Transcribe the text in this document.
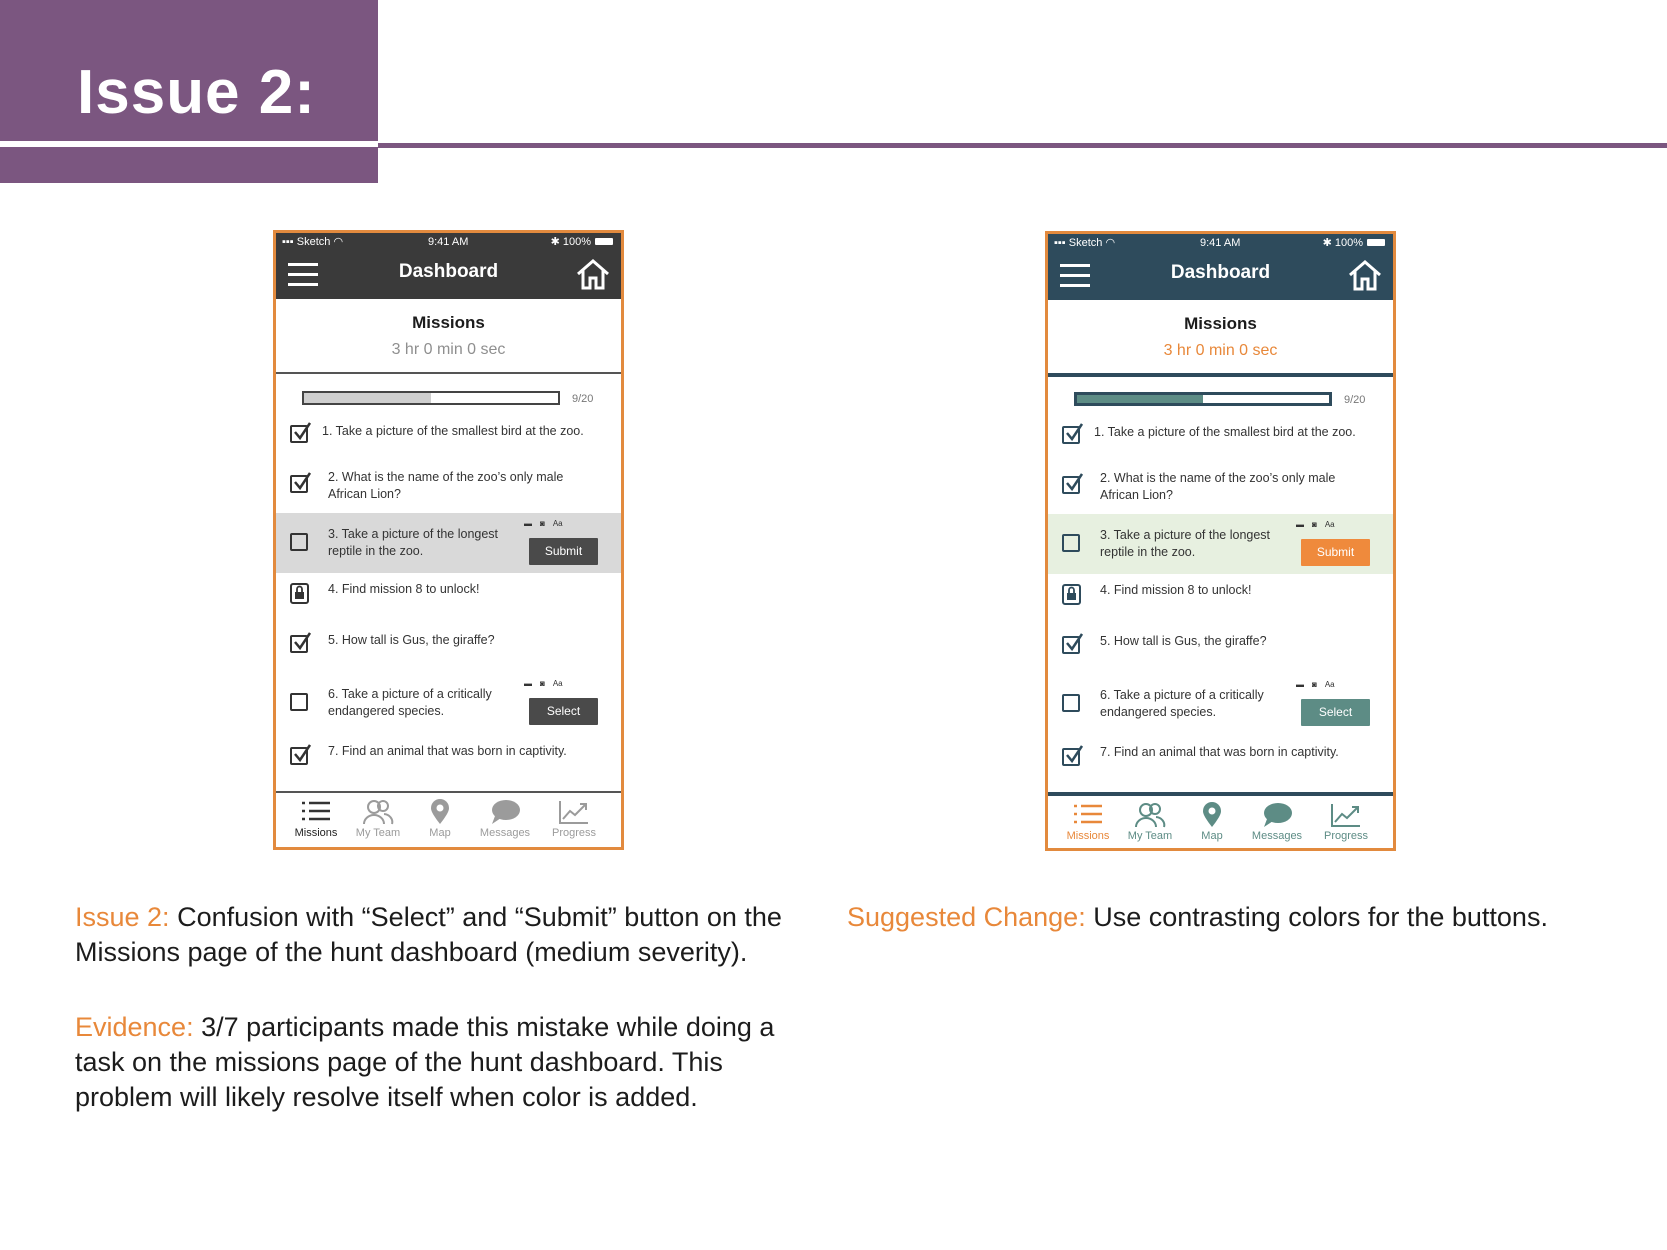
Issue 2:
▪▪▪ Sketch ◠	9:41 AM	✱ 100%
Dashboard
Missions
3 hr 0 min 0 sec
9/20
1. Take a picture of the smallest bird at the zoo.
2. What is the name of the zoo’s only male African Lion?
3. Take a picture of the longest reptile in the zoo.
▬ ◙ Aa
Submit
4. Find mission 8 to unlock!
5. How tall is Gus, the giraffe?
6. Take a picture of a critically endangered species.
▬ ◙ Aa
Select
7. Find an animal that was born in captivity.
Missions	My Team	Map	Messages	Progress
▪▪▪ Sketch ◠	9:41 AM	✱ 100%
Dashboard
Missions
3 hr 0 min 0 sec
9/20
1. Take a picture of the smallest bird at the zoo.
2. What is the name of the zoo’s only male African Lion?
3. Take a picture of the longest reptile in the zoo.
▬ ◙ Aa
Submit
4. Find mission 8 to unlock!
5. How tall is Gus, the giraffe?
6. Take a picture of a critically endangered species.
▬ ◙ Aa
Select
7. Find an animal that was born in captivity.
Missions	My Team	Map	Messages	Progress
Issue 2: Confusion with “Select” and “Submit” button on the Missions page of the hunt dashboard (medium severity).
Evidence: 3/7 participants made this mistake while doing a task on the missions page of the hunt dashboard. This problem will likely resolve itself when color is added.
Suggested Change: Use contrasting colors for the buttons.
